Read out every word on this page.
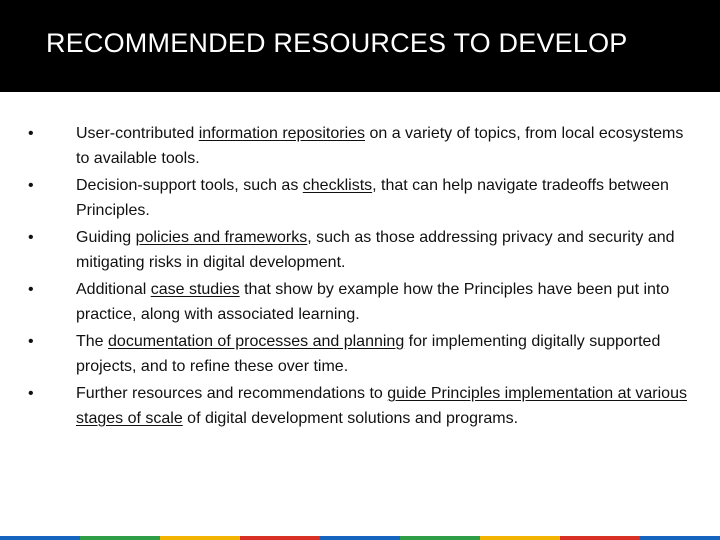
RECOMMENDED RESOURCES TO DEVELOP
•	User-contributed information repositories on a variety of topics, from local ecosystems to available tools.
•	Decision-support tools, such as checklists, that can help navigate tradeoffs between Principles.
•	Guiding policies and frameworks, such as those addressing privacy and security and mitigating risks in digital development.
•	Additional case studies that show by example how the Principles have been put into practice, along with associated learning.
•	The documentation of processes and planning for implementing digitally supported projects, and to refine these over time.
•	Further resources and recommendations to guide Principles implementation at various stages of scale of digital development solutions and programs.
